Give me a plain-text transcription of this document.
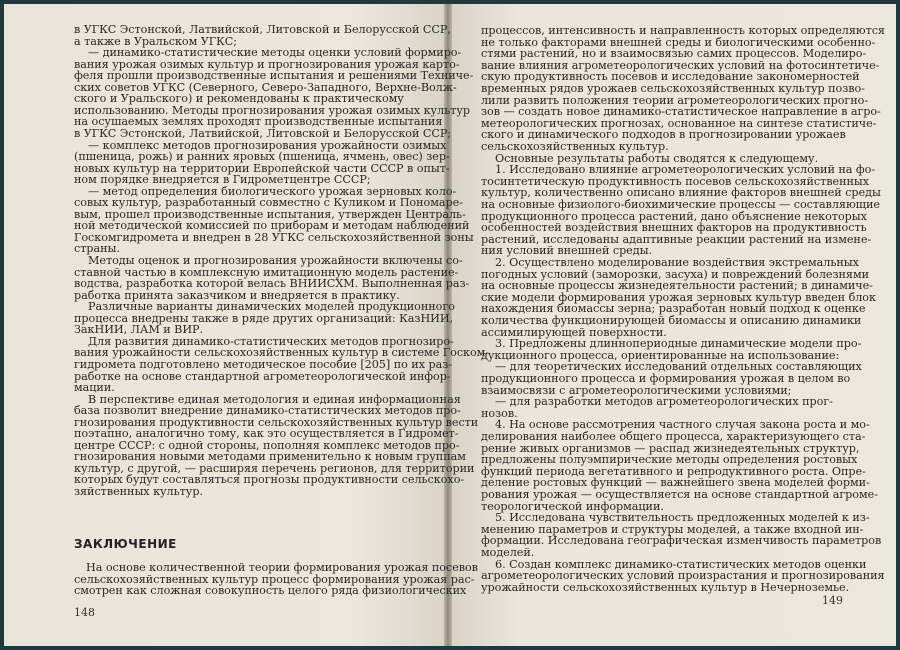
в УГКС Эстонской, Латвийской, Литовской и Белорусской ССР,
а также в Уральском УГКС;
— динамико-статистические методы оценки условий формиро-
вания урожая озимых культур и прогнозирования урожая карто-
феля прошли производственные испытания и решениями Техниче-
ских советов УГКС (Северного, Северо-Западного, Верхне-Волж-
ского и Уральского) и рекомендованы к практическому
использованию. Методы прогнозирования урожая озимых культур
на осушаемых землях проходят производственные испытания
в УГКС Эстонской, Латвийской, Литовской и Белорусской ССР;
— комплекс методов прогнозирования урожайности озимых
(пшеница, рожь) и ранних яровых (пшеница, ячмень, овес) зер-
новых культур на территории Европейской части СССР в опыт-
ном порядке внедряется в Гидрометцентре СССР;
— метод определения биологического урожая зерновых коло-
совых культур, разработанный совместно с Куликом и Пономаре-
вым, прошел производственные испытания, утвержден Централь-
ной методической комиссией по приборам и методам наблюдений
Госкомгидромета и внедрен в 28 УГКС сельскохозяйственной зоны
страны.
Методы оценок и прогнозирования урожайности включены со-
ставной частью в комплексную имитационную модель растение-
водства, разработка которой велась ВНИИСХМ. Выполненная раз-
работка принята заказчиком и внедряется в практику.
Различные варианты динамических моделей продукционного
процесса внедрены также в ряде других организаций: КазНИИ,
ЗакНИИ, ЛАМ и ВИР.
Для развития динамико-статистических методов прогнозиро-
вания урожайности сельскохозяйственных культур в системе Госком-
гидромета подготовлено методическое пособие [205] по их раз-
работке на основе стандартной агрометеорологической инфор-
мации.
В перспективе единая методология и единая информационная
база позволит внедрение динамико-статистических методов про-
гнозирования продуктивности сельскохозяйственных культур вести
поэтапно, аналогично тому, как это осуществляется в Гидромет-
центре СССР: с одной стороны, пополняя комплекс методов про-
гнозирования новыми методами применительно к новым группам
культур, с другой, — расширяя перечень регионов, для территории
которых будут составляться прогнозы продуктивности сельскохо-
зяйственных культур.
ЗАКЛЮЧЕНИЕ
На основе количественной теории формирования урожая посевов
сельскохозяйственных культур процесс формирования урожая рас-
смотрен как сложная совокупность целого ряда физиологических
148
процессов, интенсивность и направленность которых определяются
не только факторами внешней среды и биологическими особенно-
стями растений, но и взаимосвязью самих процессов. Моделиро-
вание влияния агрометеорологических условий на фотосинтетиче-
скую продуктивность посевов и исследование закономерностей
временных рядов урожаев сельскохозяйственных культур позво-
лили развить положения теории агрометеорологических прогно-
зов — создать новое динамико-статистическое направление в агро-
метеорологических прогнозах, основанное на синтезе статистиче-
ского и динамического подходов в прогнозировании урожаев
сельскохозяйственных культур.
Основные результаты работы сводятся к следующему.
1. Исследовано влияние агрометеорологических условий на фо-
тосинтетическую продуктивность посевов сельскохозяйственных
культур, количественно описано влияние факторов внешней среды
на основные физиолого-биохимические процессы — составляющие
продукционного процесса растений, дано объяснение некоторых
особенностей воздействия внешних факторов на продуктивность
растений, исследованы адаптивные реакции растений на измене-
ния условий внешней среды.
2. Осуществлено моделирование воздействия экстремальных
погодных условий (заморозки, засуха) и повреждений болезнями
на основные процессы жизнедеятельности растений; в динамиче-
ские модели формирования урожая зерновых культур введен блок
нахождения биомассы зерна; разработан новый подход к оценке
количества функционирующей биомассы и описанию динамики
ассимилирующей поверхности.
3. Предложены длиннопериодные динамические модели про-
дукционного процесса, ориентированные на использование:
— для теоретических исследований отдельных составляющих
продукционного процесса и формирования урожая в целом во
взаимосвязи с агрометеорологическими условиями;
— для разработки методов агрометеорологических прог-
нозов.
4. На основе рассмотрения частного случая закона роста и мо-
делирования наиболее общего процесса, характеризующего ста-
рение живых организмов — распад жизнедеятельных структур,
предложены полуэмпирические методы определения ростовых
функций периода вегетативного и репродуктивного роста. Опре-
деление ростовых функций — важнейшего звена моделей форми-
рования урожая — осуществляется на основе стандартной агроме-
теорологической информации.
5. Исследована чувствительность предложенных моделей к из-
менению параметров и структуры моделей, а также входной ин-
формации. Исследована географическая изменчивость параметров
моделей.
6. Создан комплекс динамико-статистических методов оценки
агрометеорологических условий произрастания и прогнозирования
урожайности сельскохозяйственных культур в Нечерноземье.
149
